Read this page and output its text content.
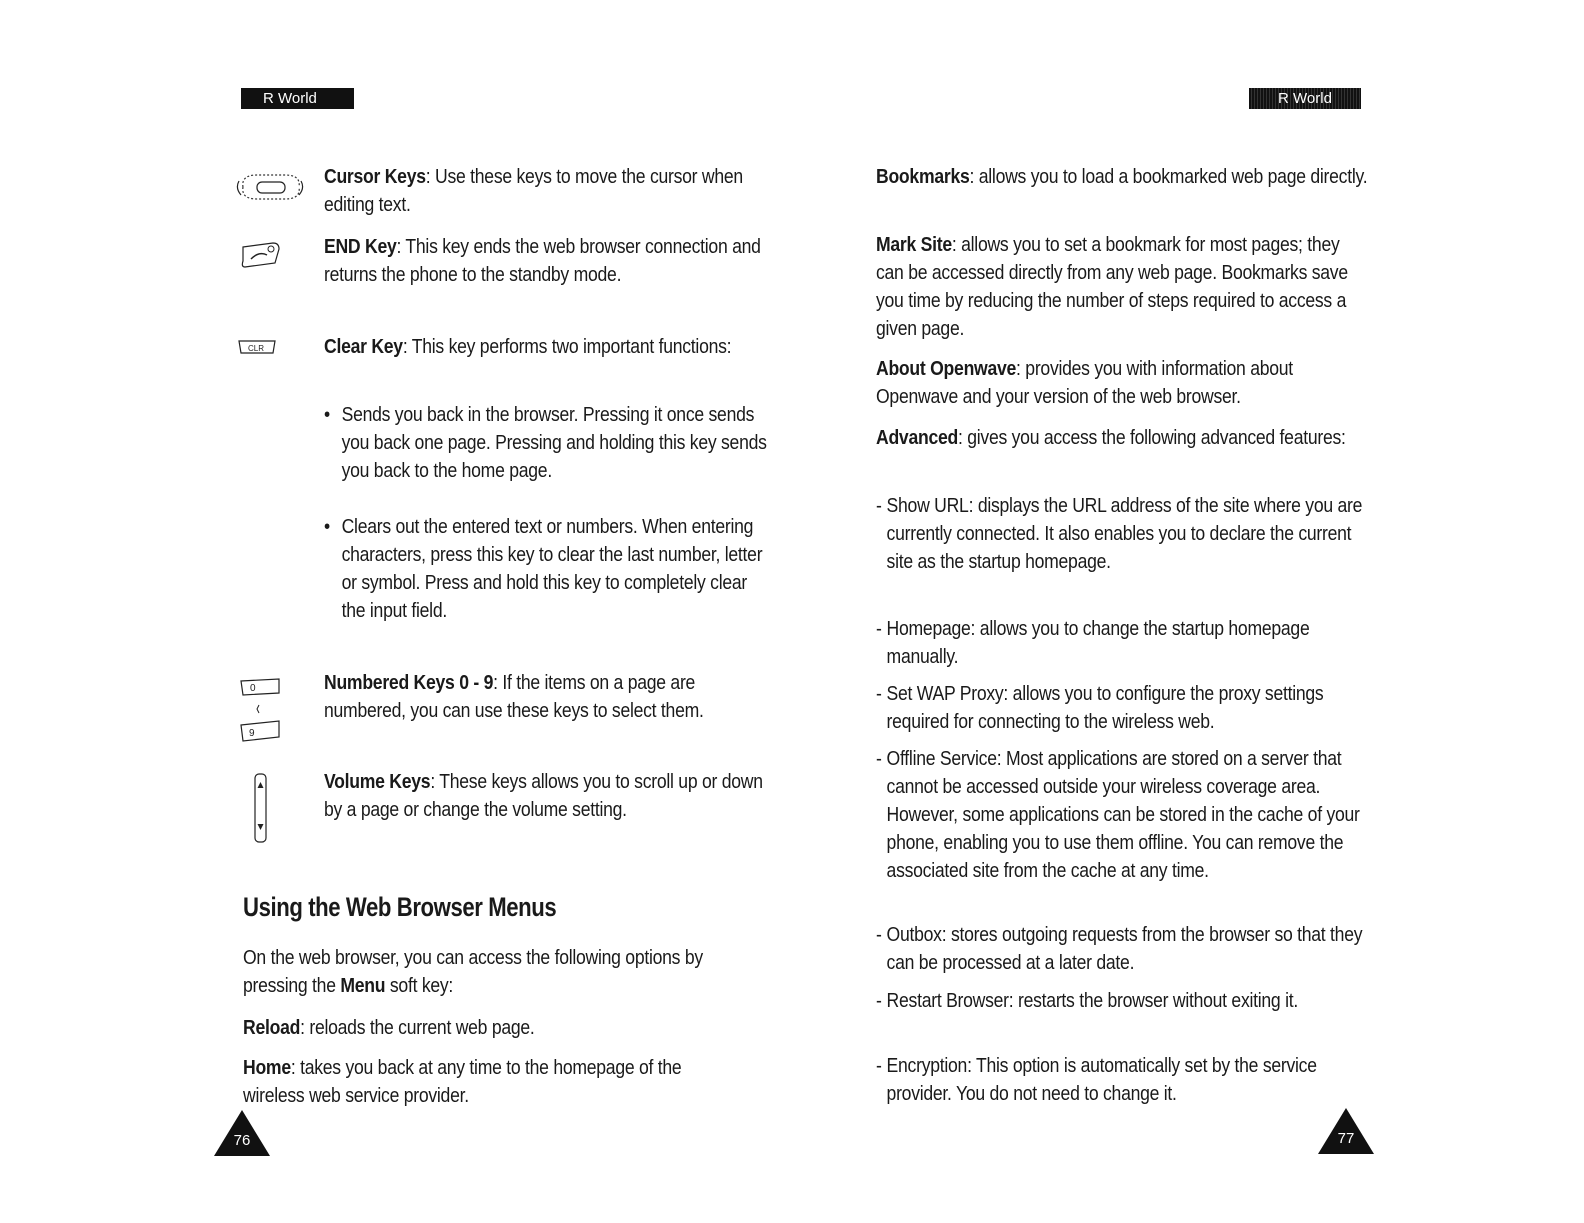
R World
Cursor Keys: Use these keys to move the cursor when editing text.
END Key: This key ends the web browser connection and returns the phone to the standby mode.
CLR	Clear Key: This key performs two important functions:
• Sends you back in the browser. Pressing it once sends you back one page. Pressing and holding this key sends you back to the home page.
• Clears out the entered text or numbers. When entering characters, press this key to clear the last number, letter or symbol. Press and hold this key to completely clear the input field.
0
9
Numbered Keys 0 - 9: If the items on a page are numbered, you can use these keys to select them.
Volume Keys: These keys allows you to scroll up or down by a page or change the volume setting.
Using the Web Browser Menus
On the web browser, you can access the following options by pressing the Menu soft key:
Reload: reloads the current web page.
Home: takes you back at any time to the homepage of the wireless web service provider.
76
R World
Bookmarks: allows you to load a bookmarked web page directly.
Mark Site: allows you to set a bookmark for most pages; they can be accessed directly from any web page. Bookmarks save you time by reducing the number of steps required to access a given page.
About Openwave: provides you with information about Openwave and your version of the web browser.
Advanced: gives you access the following advanced features:
- Show URL: displays the URL address of the site where you are currently connected. It also enables you to declare the current site as the startup homepage.
- Homepage: allows you to change the startup homepage manually.
- Set WAP Proxy: allows you to configure the proxy settings required for connecting to the wireless web.
- Offline Service: Most applications are stored on a server that cannot be accessed outside your wireless coverage area. However, some applications can be stored in the cache of your phone, enabling you to use them offline. You can remove the associated site from the cache at any time.
- Outbox: stores outgoing requests from the browser so that they can be processed at a later date.
- Restart Browser: restarts the browser without exiting it.
- Encryption: This option is automatically set by the service provider. You do not need to change it.
77
